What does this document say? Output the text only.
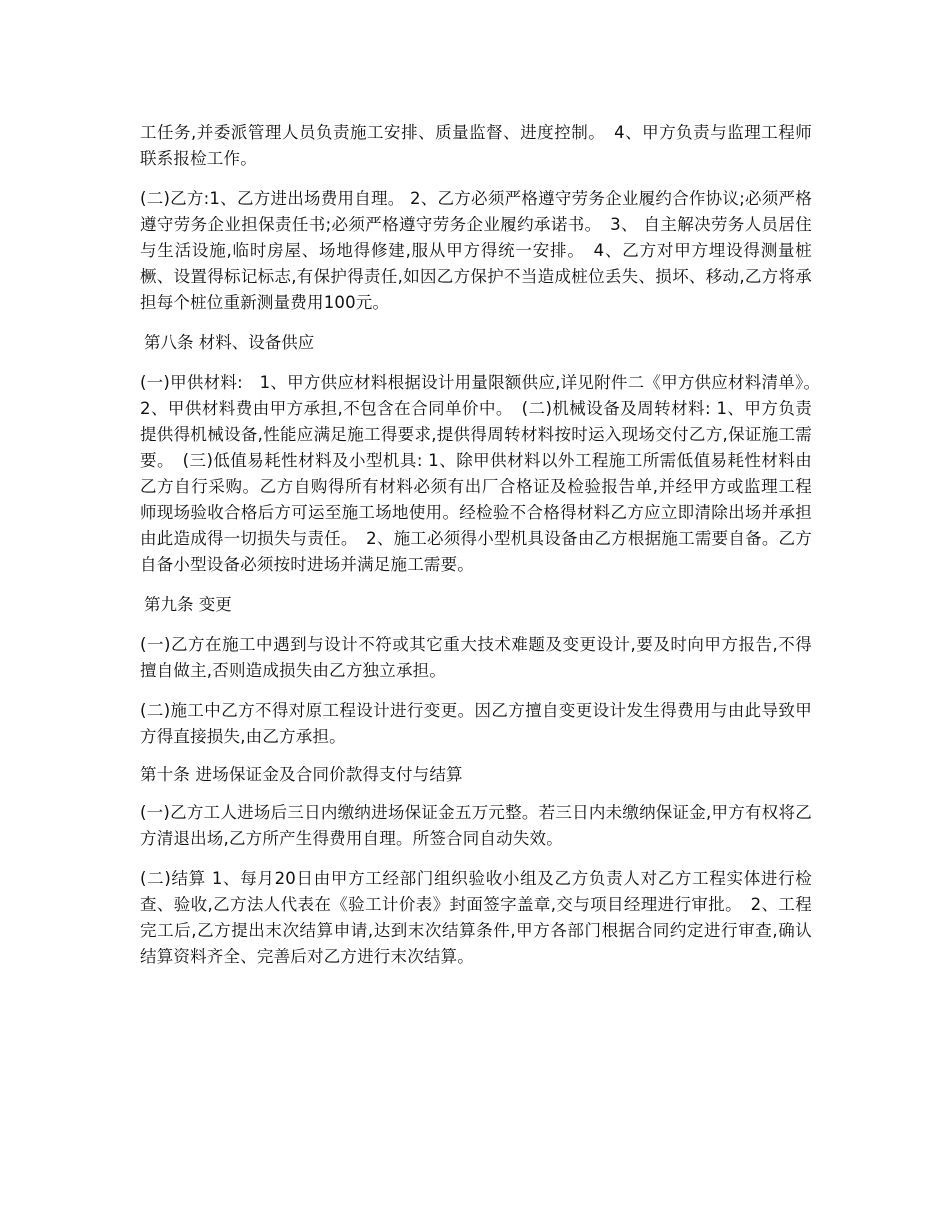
工任务,并委派管理人员负责施工安排、质量监督、进度控制。　4、甲方负责与监理工程师联系报检工作。

(二)乙方:1、乙方进出场费用自理。 2、乙方必须严格遵守劳务企业履约合作协议;必须严格遵守劳务企业担保责任书;必须严格遵守劳务企业履约承诺书。　3、 自主解决劳务人员居住与生活设施,临时房屋、场地得修建,服从甲方得统一安排。　4、乙方对甲方埋设得测量桩橛、设置得标记标志,有保护得责任,如因乙方保护不当造成桩位丢失、损坏、移动,乙方将承担每个桩位重新测量费用100元。

第八条 材料、设备供应

(一)甲供材料:　1、甲方供应材料根据设计用量限额供应,详见附件二《甲方供应材料清单》。　2、甲供材料费由甲方承担,不包含在合同单价中。　(二)机械设备及周转材料: 1、甲方负责提供得机械设备,性能应满足施工得要求,提供得周转材料按时运入现场交付乙方,保证施工需要。　(三)低值易耗性材料及小型机具: 1、除甲供材料以外工程施工所需低值易耗性材料由乙方自行采购。乙方自购得所有材料必须有出厂合格证及检验报告单,并经甲方或监理工程师现场验收合格后方可运至施工场地使用。经检验不合格得材料乙方应立即清除出场并承担由此造成得一切损失与责任。　2、施工必须得小型机具设备由乙方根据施工需要自备。乙方自备小型设备必须按时进场并满足施工需要。

第九条 变更

(一)乙方在施工中遇到与设计不符或其它重大技术难题及变更设计,要及时向甲方报告,不得擅自做主,否则造成损失由乙方独立承担。

(二)施工中乙方不得对原工程设计进行变更。因乙方擅自变更设计发生得费用与由此导致甲方得直接损失,由乙方承担。

第十条 进场保证金及合同价款得支付与结算

(一)乙方工人进场后三日内缴纳进场保证金五万元整。若三日内未缴纳保证金,甲方有权将乙方清退出场,乙方所产生得费用自理。所签合同自动失效。

(二)结算 1、每月20日由甲方工经部门组织验收小组及乙方负责人对乙方工程实体进行检查、验收,乙方法人代表在《验工计价表》封面签字盖章,交与项目经理进行审批。　2、工程完工后,乙方提出末次结算申请,达到末次结算条件,甲方各部门根据合同约定进行审查,确认结算资料齐全、完善后对乙方进行末次结算。
